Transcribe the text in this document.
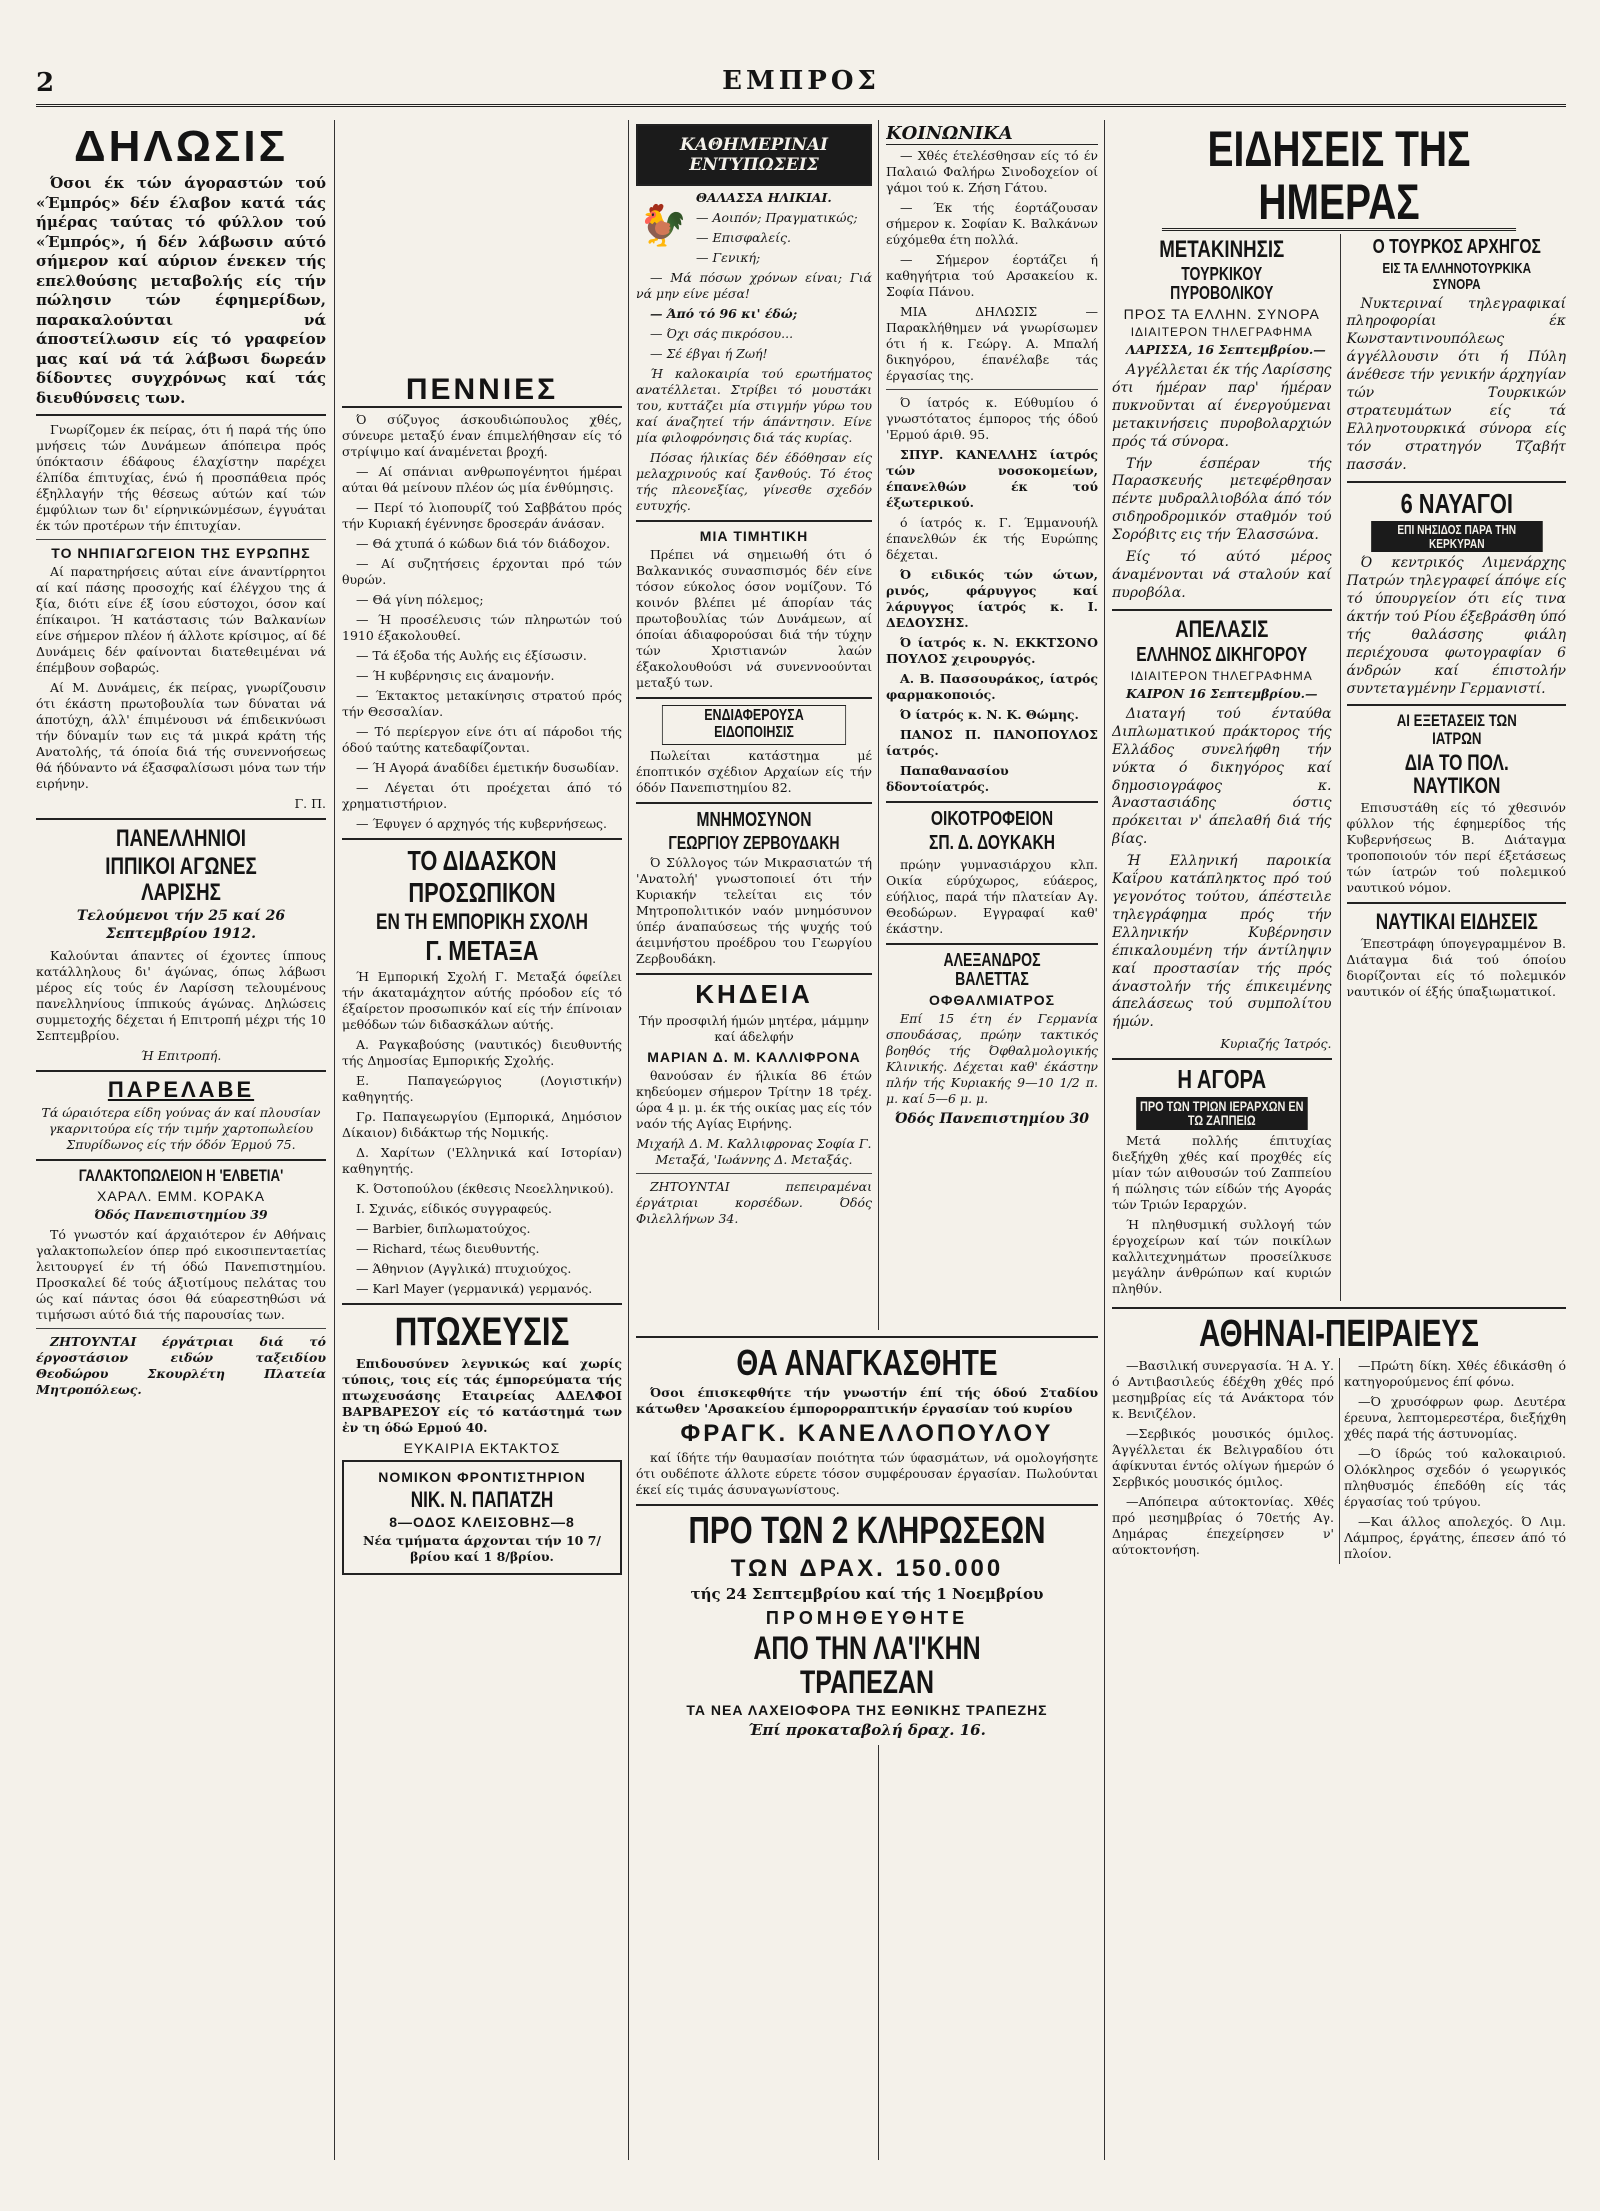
2	ΕΜΠΡΟΣ
ΔΗΛΩΣΙΣ

Όσοι έκ τών άγοραστών τού «Έμπρός» δέν έλαβον κατά τάς ήμέρας ταύτας τό φύλλον τού «Έμπρός», ή δέν λάβωσιν αύτό σήμερον καί αύριον ένεκεν τής επελθούσης μεταβολής είς τήν πώλησιν τών έφημερίδων, παρακαλούνται νά άποστείλωσιν είς τό γραφείον μας καί νά τά λάβωσι δωρεάν δίδοντες συγχρόνως καί τάς διευθύνσεις των.

Γνωρίζομεν έκ πείρας, ότι ή παρά τής ύπο μνήσεις τών Δυνάμεων άπόπειρα πρός ύπόκτασιν έδάφους έλαχίστην παρέχει έλπίδα έπιτυχίας, ένώ ή προσπάθεια πρός έξηλλαγήν τής θέσεως αύτών καί τών έμφύλιων των δι' είρηνικώνμέσων, έγγυάται έκ τών προτέρων τήν έπιτυχίαν.

ΤΟ ΝΗΠΙΑΓΩΓΕΙΟΝ ΤΗΣ ΕΥΡΩΠΗΣ

Αί παρατηρήσεις αύται είνε άναντίρρητοι αί καί πάσης προσοχής καί έλέγχου της ά ξία, διότι είνε έξ ίσου εύστοχοι, όσον καί έπίκαιροι. Ή κατάστασις τών Βαλκανίων είνε σήμερον πλέον ή άλλοτε κρίσιμος, αί δέ Δυνάμεις δέν φαίνονται διατεθειμέναι νά έπέμβουν σοβαρώς.

Αί Μ. Δυνάμεις, έκ πείρας, γνωρίζουσιν ότι έκάστη πρωτοβουλία των δύναται νά άποτύχη, άλλ' έπιμένουσι νά έπιδεικνύωσι τήν δύναμίν των εις τά μικρά κράτη τής Ανατολής, τά όποία διά τής συνεννοήσεως θά ήδύναντο νά έξασφαλίσωσι μόνα των τήν ειρήνην.

Γ. Π.

ΠΑΝΕΛΛΗΝΙΟΙ
ΙΠΠΙΚΟΙ ΑΓΩΝΕΣ ΛΑΡΙΣΗΣ

Τελούμενοι τήν 25 καί 26 Σεπτεμβρίου 1912.

Καλούνται άπαντες οί έχοντες ίππους κατάλληλους δι' άγώνας, όπως λάβωσι μέρος είς τούς έν Λαρίσση τελουμένους πανελληνίους ίππικούς άγώνας. Δηλώσεις συμμετοχής δέχεται ή Επιτροπή μέχρι τής 10 Σεπτεμβρίου.

Ή Επιτροπή.

ΠΑΡΕΛΑΒΕ

Τά ώραιότερα είδη γούνας άν καί πλουσίαν γκαρνιτούρα είς τήν τιμήν χαρτοπωλείου Σπυρίδωνος είς τήν όδόν Έρμού 75.

ΓΑΛΑΚΤΟΠΩΛΕΙΟΝ Η 'ΕΛΒΕΤΙΑ'
ΧΑΡΑΛ. ΕΜΜ. ΚΟΡΑΚΑ

Όδός Πανεπιστημίου 39

Τό γνωστόν καί άρχαιότερον έν Αθήναις γαλακτοπωλείον όπερ πρό εικοσιπενταετίας λειτουργεί έν τή όδώ Πανεπιστημίου. Προσκαλεί δέ τούς άξιοτίμους πελάτας του ώς καί πάντας όσοι θά εύαρεστηθώσι νά τιμήσωσι αύτό διά τής παρουσίας των.

ΖΗΤΟΥΝΤΑΙ έργάτριαι διά τό έργοστάσιον ειδών ταξειδίου Θεοδώρου Σκουρλέτη Πλατεία Μητροπόλεως.

ΠΕΝΝΙΕΣ

Ό σύζυγος άσκουδιώπουλος χθές, σύνευρε μεταξύ έναν έπιμελήθησαν είς τό στρίψιμο καί άναμένεται βροχή.

— Αί σπάνιαι ανθρωπογένητοι ήμέραι αύται θά μείνουν πλέον ώς μία ένθύμησις.

— Περί τό λιοπουρίζ τού Σαββάτου πρός τήν Κυριακή έγέννησε δροσεράν άνάσαν.

— Θά χτυπά ό κώδων διά τόν διάδοχον.

— Αί συζητήσεις έρχονται πρό τών θυρών.

— Θά γίνη πόλεμος;

— Ή προσέλευσις τών πληρωτών τού 1910 έξακολουθεί.

— Τά έξοδα τής Αυλής εις έξίσωσιν.

— Ή κυβέρνησις εις άναμονήν.

— Έκτακτος μετακίνησις στρατού πρός τήν Θεσσαλίαν.

— Τό περίεργον είνε ότι αί πάροδοι τής όδού ταύτης κατεδαφίζονται.

— Ή Αγορά άναδίδει έμετικήν δυσωδίαν.

— Λέγεται ότι προέχεται άπό τό χρηματιστήριον.

— Έφυγεν ό αρχηγός τής κυβερνήσεως.

ΤΟ ΔΙΔΑΣΚΟΝ
ΠΡΟΣΩΠΙΚΟΝ
ΕΝ ΤΗ ΕΜΠΟΡΙΚΗ ΣΧΟΛΗ
Γ. ΜΕΤΑΞΑ

Ή Εμπορική Σχολή Γ. Μεταξά όφείλει τήν άκαταμάχητον αύτής πρόοδον είς τό έξαίρετον προσωπικόν καί είς τήν έπίνοιαν μεθόδων τών διδασκάλων αύτής.

Α. Ραγκαβούσης (ναυτικός) διευθυντής τής Δημοσίας Εμπορικής Σχολής.

Ε. Παπαγεώργιος (Λογιστικήν) καθηγητής.

Γρ. Παπαγεωργίου (Εμπορικά, Δημόσιον Δίκαιον) διδάκτωρ τής Νομικής.

Δ. Χαρίτων ('Ελληνικά καί Ιστορίαν) καθηγητής.

Κ. Όστοπούλου (έκθεσις Νεοελληνικού).

Ι. Σχινάς, είδικός συγγραφεύς.

— Barbier, διπλωματούχος.

— Richard, τέως διευθυντής.

— Άθηνιον (Αγγλικά) πτυχιούχος.

— Karl Mayer (γερμανικά) γερμανός.

ΠΤΩΧΕΥΣΙΣ

Επιδουσύνεν λεγνικώς καί χωρίς τύποις, τοις είς τάς έμπορεύματα τής πτωχευσάσης Εταιρείας ΑΔΕΛΦΟΙ ΒΑΡΒΑΡΕΣΟΥ είς τό κατάστημά των ἐν τη όδώ Ερμού 40.

ΕΥΚΑΙΡΙΑ ΕΚΤΑΚΤΟΣ
ΝΟΜΙΚΟΝ ΦΡΟΝΤΙΣΤΗΡΙΟΝ
ΝΙΚ. Ν. ΠΑΠΑΤΖΗ
8—ΟΔΟΣ ΚΛΕΙΣΟΒΗΣ—8

Νέα τμήματα άρχονται τήν 10 7/βρίου καί 1 8/βρίου.

ΚΑΘΗΜΕΡΙΝΑΙ ΕΝΤΥΠΩΣΕΙΣ
🐓

ΘΑΛΑΣΣΑ ΗΛΙΚΙΑΙ.

— Αοιπόν; Πραγματικώς;

— Επισφαλείς.

— Γενική;

— Μά πόσων χρόνων είναι; Γιά νά μην είνε μέσα!

— Άπό τό 96 κι' έδώ;

— Όχι σάς πικρόσου...

— Σέ έβγαι ή Ζωή!

Ή καλοκαιρία τού ερωτήματος ανατέλλεται. Στρίβει τό μουστάκι του, κυττάζει μία στιγμήν γύρω του καί άναζητεί τήν άπάντησιν. Είνε μία φιλοφρόνησις διά τάς κυρίας.

Πόσας ήλικίας δέν έδόθησαν είς μελαχρινούς καί ξανθούς. Τό έτος τής πλεονεξίας, γίνεσθε σχεδόν ευτυχής.

ΜΙΑ ΤΙΜΗΤΙΚΗ

Πρέπει νά σημειωθή ότι ό Βαλκανικός συνασπισμός δέν είνε τόσον εύκολος όσον νομίζουν. Τό κοινόν βλέπει μέ άπορίαν τάς πρωτοβουλίας τών Δυνάμεων, αί όποίαι άδιαφορούσαι διά τήν τύχην τών Χριστιανών λαών έξακολουθούσι νά συνεννοούνται μεταξύ των.

ΕΝΔΙΑΦΕΡΟΥΣΑ ΕΙΔΟΠΟΙΗΣΙΣ

Πωλείται κατάστημα μέ έποπτικόν σχέδιον Αρχαίων είς τήν όδόν Πανεπιστημίου 82.

ΜΝΗΜΟΣΥΝΟΝ
ΓΕΩΡΓΙΟΥ ΖΕΡΒΟΥΔΑΚΗ

Ό Σύλλογος τών Μικρασιατών τή 'Ανατολή' γνωστοποιεί ότι τήν Κυριακήν τελείται εις τόν Μητροπολιτικόν ναόν μνημόσυνον ύπέρ άναπαύσεως τής ψυχής τού άειμνήστου προέδρου του Γεωργίου Ζερβουδάκη.

ΚΗΔΕΙΑ

Τήν προσφιλή ήμών μητέρα, μάμμην καί άδελφήν

ΜΑΡΙΑΝ Δ. Μ. ΚΑΛΛΙΦΡΟΝΑ

θανούσαν έν ήλικία 86 έτών κηδεύομεν σήμερον Τρίτην 18 τρέχ. ώρα 4 μ. μ. έκ τής οικίας μας είς τόν ναόν τής Αγίας Ειρήνης.

Μιχαήλ Δ. Μ. Καλλιφρονας Σοφία Γ. Μεταξά, 'Ιωάννης Δ. Μεταξάς.

ΖΗΤΟΥΝΤΑΙ πεπειραμέναι έργάτριαι κορσέδων. Όδός Φιλελλήνων 34.

ΚΟΙΝΩΝΙΚΑ

— Χθές έτελέσθησαν είς τό έν Παλαιώ Φαλήρω Σινοδοχείον οί γάμοι τού κ. Ζήση Γάτου.

— Έκ τής έορτάζουσαν σήμερον κ. Σοφίαν Κ. Βαλκάνων εύχόμεθα έτη πολλά.

— Σήμερον έορτάζει ή καθηγήτρια τού Αρσακείου κ. Σοφία Πάνου.

ΜΙΑ ΔΗΛΩΣΙΣ — Παρακλήθημεν νά γνωρίσωμεν ότι ή κ. Γεώργ. Α. Μπαλή δικηγόρου, έπανέλαβε τάς έργασίας της.

Ό ίατρός κ. Εύθυμίου ό γνωστότατος έμπορος τής όδού 'Ερμού άριθ. 95.

ΣΠΥΡ. ΚΑΝΕΛΛΗΣ ίατρός τών νοσοκομείων, έπανελθών έκ τού έξωτερικού.

ό ίατρός κ. Γ. Έμμανουήλ έπανελθών έκ τής Ευρώπης δέχεται.

Ό ειδικός τών ώτων, ρινός, φάρυγγος καί λάρυγγος ίατρός κ. Ι. ΔΕΔΟΥΣΗΣ.

Ό ίατρός κ. Ν. ΕΚΚΤΣΟΝΟ ΠΟΥΛΟΣ χειρουργός.

Α. Β. Πασσουράκος, ίατρός φαρμακοποιός.

Ό ίατρός κ. Ν. Κ. Θώμης.

ΠΑΝΟΣ Π. ΠΑΝΟΠΟΥΛΟΣ ίατρός.

Παπαθανασίου δδοντοίατρός.

ΟΙΚΟΤΡΟΦΕΙΟΝ
ΣΠ. Δ. ΔΟΥΚΑΚΗ

πρώην γυμνασιάρχου κλπ. Οικία εύρύχωρος, εύάερος, εύήλιος, παρά τήν πλατείαν Αγ. Θεοδώρων. Εγγραφαί καθ' έκάστην.

ΑΛΕΞΑΝΔΡΟΣ ΒΑΛΕΤΤΑΣ
ΟΦΘΑΛΜΙΑΤΡΟΣ

Επί 15 έτη έν Γερμανία σπουδάσας, πρώην τακτικός βοηθός τής Όφθαλμολογικής Κλινικής. Δέχεται καθ' έκάστην πλήν τής Κυριακής 9—10 1/2 π. μ. καί 5—6 μ. μ.

Όδός Πανεπιστημίου 30

ΘΑ ΑΝΑΓΚΑΣΘΗΤΕ

Όσοι έπισκεφθήτε τήν γνωστήν έπί τής όδού Σταδίου κάτωθεν 'Αρσακείου έμπορορραπτικήν έργασίαν τού κυρίου

ΦΡΑΓΚ. ΚΑΝΕΛΛΟΠΟΥΛΟΥ

καί ίδήτε τήν θαυμασίαν ποιότητα τών ύφασμάτων, νά ομολογήσητε ότι ουδέποτε άλλοτε εύρετε τόσον συμφέρουσαν έργασίαν. Πωλούνται έκεί είς τιμάς άσυναγωνίστους.

ΠΡΟ ΤΩΝ 2 ΚΛΗΡΩΣΕΩΝ
ΤΩΝ ΔΡΑΧ. 150.000

τής 24 Σεπτεμβρίου καί τής 1 Νοεμβρίου

ΠΡΟΜΗΘΕΥΘΗΤΕ
ΑΠΟ ΤΗΝ ΛΑ'Ι'ΚΗΝ ΤΡΑΠΕΖΑΝ
ΤΑ ΝΕΑ ΛΑΧΕΙΟΦΟΡΑ ΤΗΣ ΕΘΝΙΚΗΣ ΤΡΑΠΕΖΗΣ

Έπί προκαταβολή δραχ. 16.

ΕΙΔΗΣΕΙΣ ΤΗΣ ΗΜΕΡΑΣ
ΜΕΤΑΚΙΝΗΣΙΣ
ΤΟΥΡΚΙΚΟΥ ΠΥΡΟΒΟΛΙΚΟΥ
ΠΡΟΣ ΤΑ ΕΛΛΗΝ. ΣΥΝΟΡΑ
ΙΔΙΑΙΤΕΡΟΝ ΤΗΛΕΓΡΑΦΗΜΑ

ΛΑΡΙΣΣΑ, 16 Σεπτεμβρίου.—

Αγγέλλεται έκ τής Λαρίσσης ότι ήμέραν παρ' ήμέραν πυκνοῦνται αί ένεργούμεναι μετακινήσεις πυροβολαρχιών πρός τά σύνορα.

Τήν έσπέραν τής Παρασκευής μετεφέρθησαν πέντε μυδραλλιοβόλα άπό τόν σιδηροδρομικόν σταθμόν τού Σορόβιτς εις τήν Έλασσώνα.

Είς τό αύτό μέρος άναμένονται νά σταλούν καί πυροβόλα.

ΑΠΕΛΑΣΙΣ
ΕΛΛΗΝΟΣ ΔΙΚΗΓΟΡΟΥ
ΙΔΙΑΙΤΕΡΟΝ ΤΗΛΕΓΡΑΦΗΜΑ

ΚΑΙΡΟΝ 16 Σεπτεμβρίου.—

Διαταγή τού ένταύθα Διπλωματικού πράκτορος τής Ελλάδος συνελήφθη τήν νύκτα ό δικηγόρος καί δημοσιογράφος κ. Άναστασιάδης όστις πρόκειται ν' άπελαθή διά τής βίας.

Ή Ελληνική παροικία Καΐρου κατάπληκτος πρό τού γεγονότος τούτου, άπέστειλε τηλεγράφημα πρός τήν Ελληνικήν Κυβέρνησιν έπικαλουμένη τήν άντίληψιν καί προστασίαν τής πρός άναστολήν τής έπικειμένης άπελάσεως τού συμπολίτου ήμών.

Κυριαζής Ίατρός.

Η ΑΓΟΡΑ
ΠΡΟ ΤΩΝ ΤΡΙΩΝ ΙΕΡΑΡΧΩΝ ΕΝ ΤΩ ΖΑΠΠΕΙΩ

Μετά πολλής έπιτυχίας διεξήχθη χθές καί προχθές είς μίαν τών αιθουσών τού Ζαππείου ή πώλησις τών είδών τής Αγοράς τών Τριών Ιεραρχών.

Ή πληθυσμική συλλογή τών έργοχείρων καί τών ποικίλων καλλιτεχνημάτων προσείλκυσε μεγάλην άνθρώπων καί κυριών πληθύν.

Ο ΤΟΥΡΚΟΣ ΑΡΧΗΓΟΣ
ΕΙΣ ΤΑ ΕΛΛΗΝΟΤΟΥΡΚΙΚΑ ΣΥΝΟΡΑ

Νυκτεριναί τηλεγραφικαί πληροφορίαι έκ Κωνσταντινουπόλεως άγγέλλουσιν ότι ή Πύλη άνέθεσε τήν γενικήν άρχηγίαν τών Τουρκικών στρατευμάτων είς τά Ελληνοτουρκικά σύνορα είς τόν στρατηγόν Τζαβήτ πασσάν.

6 ΝΑΥΑΓΟΙ
ΕΠΙ ΝΗΣΙΔΟΣ ΠΑΡΑ ΤΗΝ ΚΕΡΚΥΡΑΝ

Ό κεντρικός Λιμενάρχης Πατρών τηλεγραφεί άπόψε είς τό ύπουργείον ότι είς τινα άκτήν τού Ρίου έξεβράσθη ύπό τής θαλάσσης φιάλη περιέχουσα φωτογραφίαν 6 άνδρών καί έπιστολήν συντεταγμένην Γερμανιστί.

ΑΙ ΕΞΕΤΑΣΕΙΣ ΤΩΝ ΙΑΤΡΩΝ
ΔΙΑ ΤΟ ΠΟΛ. ΝΑΥΤΙΚΟΝ

Επισυστάθη είς τό χθεσινόν φύλλον τής έφημερίδος τής Κυβερνήσεως Β. Διάταγμα τροποποιούν τόν περί έξετάσεως τών ίατρών τού πολεμικού ναυτικού νόμον.

ΝΑΥΤΙΚΑΙ ΕΙΔΗΣΕΙΣ

Έπεστράφη ύπογεγραμμένον Β. Διάταγμα διά τού όποίου διορίζονται είς τό πολεμικόν ναυτικόν οί έξής ύπαξιωματικοί.

ΑΘΗΝΑΙ-ΠΕΙΡΑΙΕΥΣ

—Βασιλική συνεργασία. Ή Α. Υ. ό Αντιβασιλεύς έδέχθη χθές πρό μεσημβρίας είς τά Ανάκτορα τόν κ. Βενιζέλον.

—Σερβικός μουσικός όμιλος. Άγγέλλεται έκ Βελιγραδίου ότι άφίκνυται έντός ολίγων ήμερών ό Σερβικός μουσικός όμιλος.

—Απόπειρα αύτοκτονίας. Χθές πρό μεσημβρίας ό 70ετής Αγ. Δημάρας έπεχείρησεν ν' αύτοκτονήση.

—Πρώτη δίκη. Χθές έδικάσθη ό κατηγορούμενος έπί φόνω.

—Ό χρυσόφρων φωρ. Δευτέρα έρευνα, λεπτομερεστέρα, διεξήχθη χθές παρά τής άστυνομίας.

—Ό ίδρώς τού καλοκαιριού. Ολόκληρος σχεδόν ό γεωργικός πληθυσμός έπεδόθη είς τάς έργασίας τού τρύγου.

—Και άλλος απολεχός. Ό Λιμ. Λάμπρος, έργάτης, έπεσεν άπό τό πλοίον.
